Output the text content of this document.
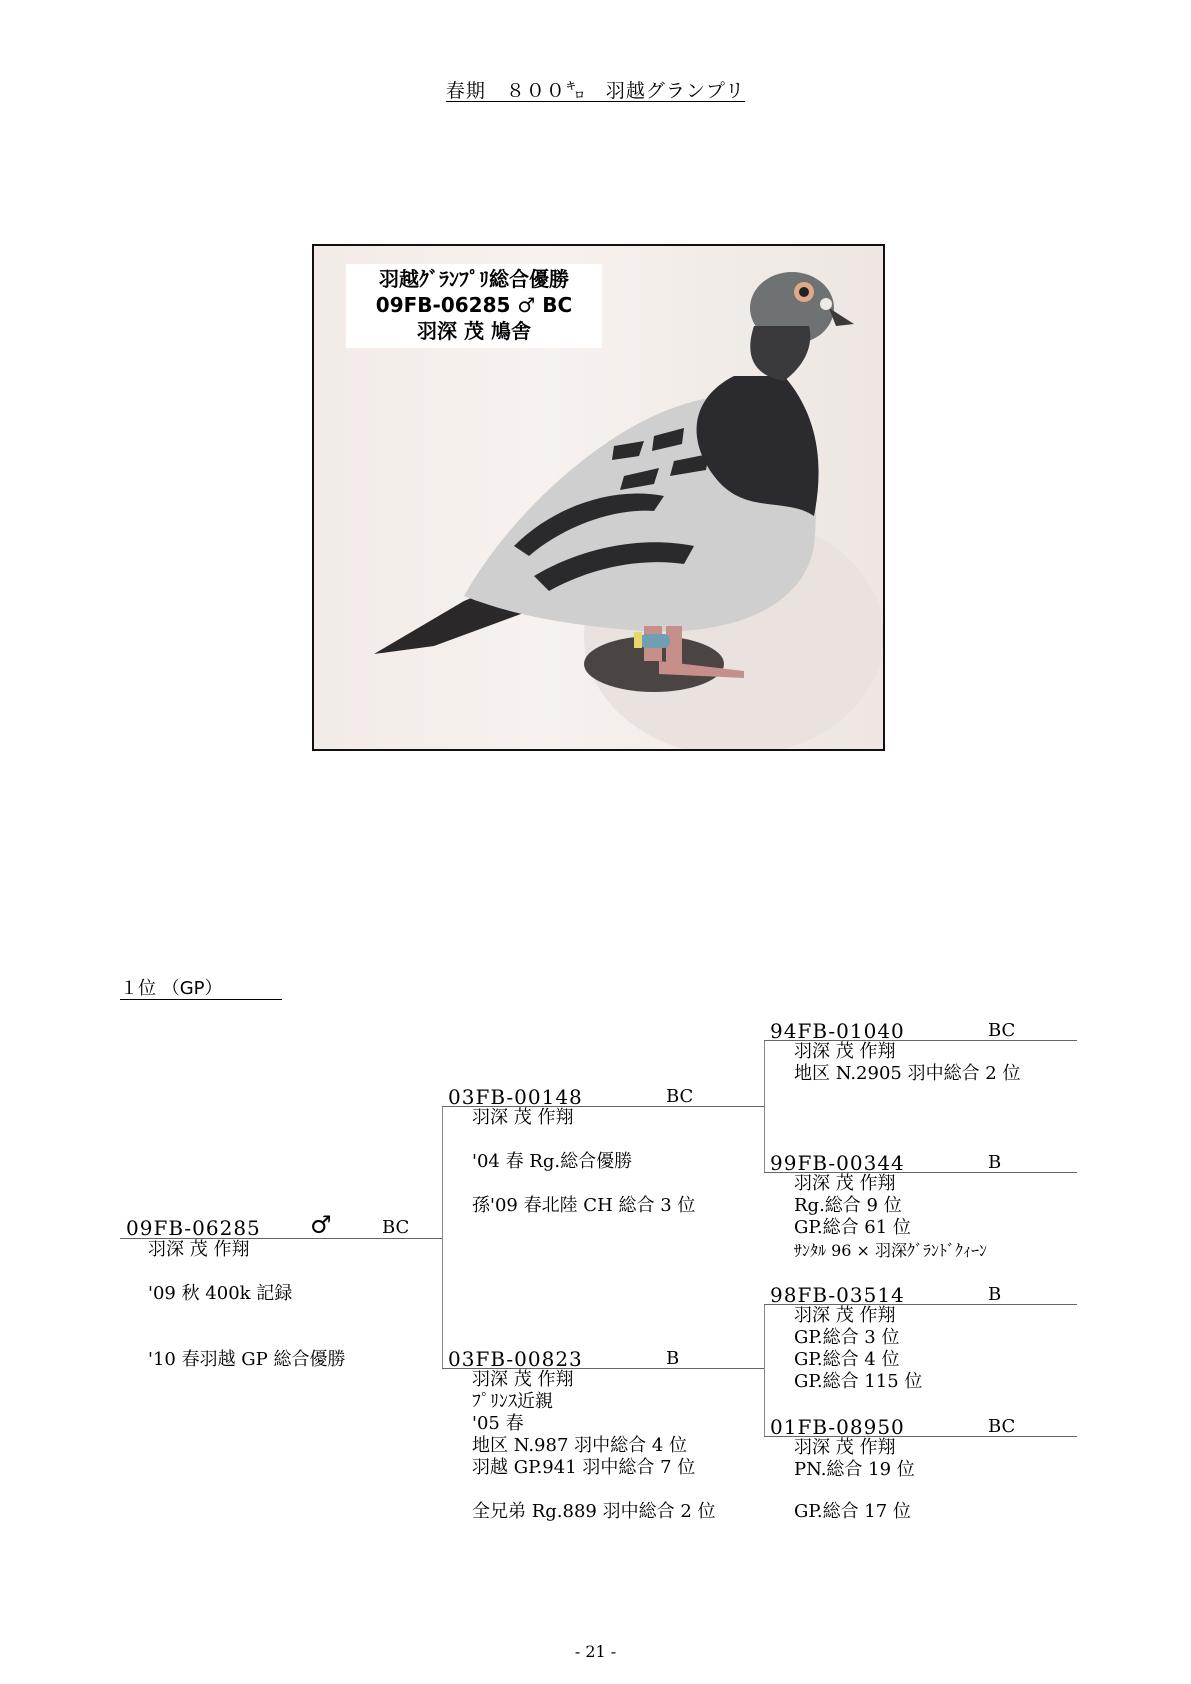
春期　８００㌔　羽越グランプリ
羽越ｸﾞﾗﾝﾌﾟﾘ総合優勝
09FB-06285 ♂ BC
羽深 茂 鳩舎
１位 （GP）
09FB-06285 ♂	BC
羽深 茂 作翔
'09 秋 400k 記録
'10 春羽越 GP 総合優勝
03FB-00148	BC
羽深 茂 作翔
'04 春 Rg.総合優勝
孫'09 春北陸 CH 総合 3 位
03FB-00823	B
羽深 茂 作翔
ﾌﾟﾘﾝｽ近親
'05 春
地区 N.987 羽中総合 4 位
羽越 GP.941 羽中総合 7 位
全兄弟 Rg.889 羽中総合 2 位
94FB-01040	BC
羽深 茂 作翔
地区 N.2905 羽中総合 2 位
99FB-00344	B
羽深 茂 作翔
Rg.総合 9 位
GP.総合 61 位
ｻﾝﾀﾙ 96 × 羽深ｸﾞﾗﾝﾄﾞｸｨｰﾝ
98FB-03514	B
羽深 茂 作翔
GP.総合 3 位
GP.総合 4 位
GP.総合 115 位
01FB-08950	BC
羽深 茂 作翔
PN.総合 19 位
GP.総合 17 位
- 21 -
